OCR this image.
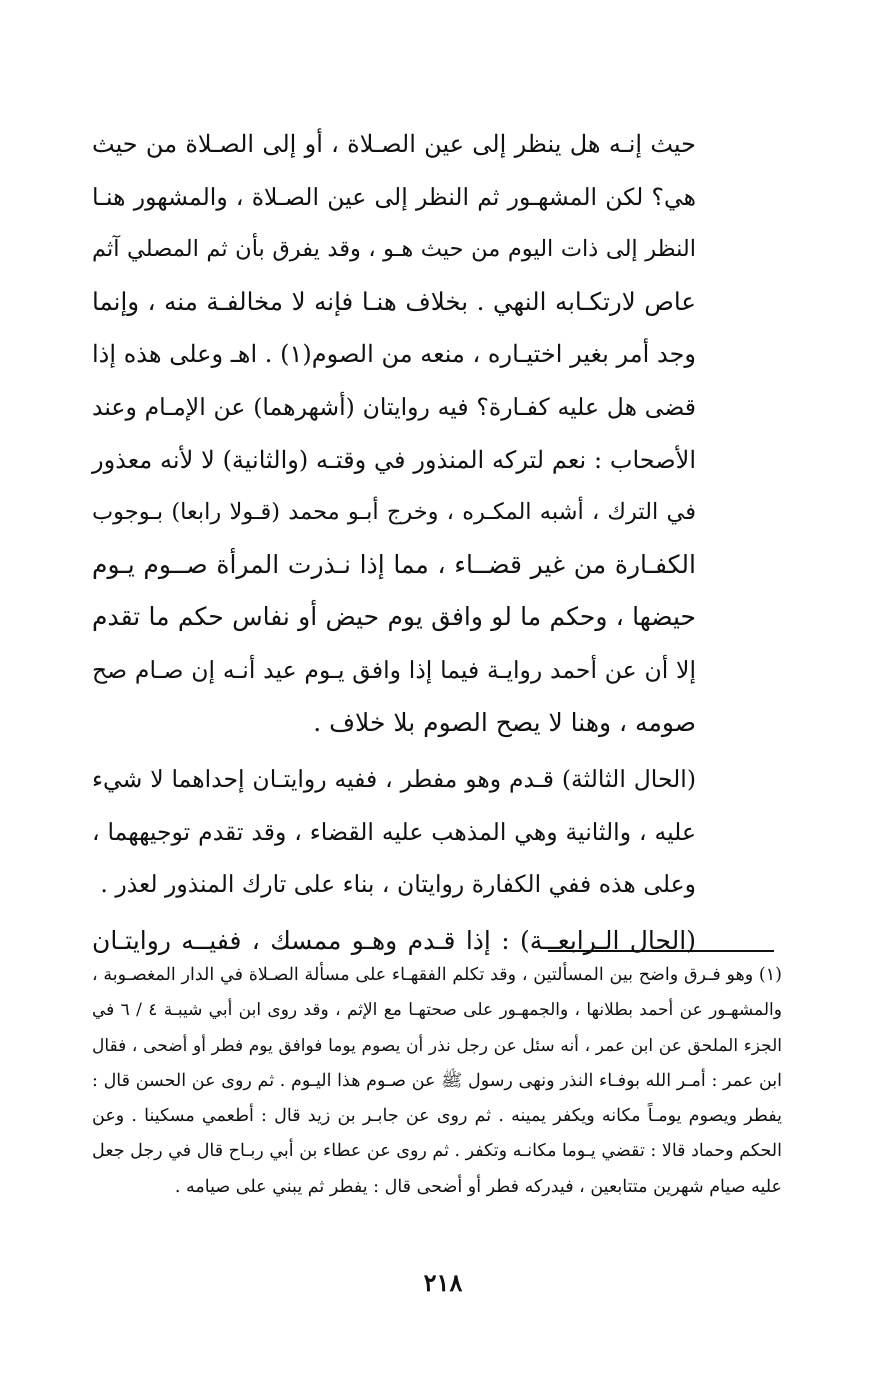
حيث إنـه هل ينظر إلى عين الصـلاة ، أو إلى الصـلاة من حيث
هي؟ لكن المشهـور ثم النظر إلى عين الصـلاة ، والمشهور هنـا
النظر إلى ذات اليوم من حيث هـو ، وقد يفرق بأن ثم المصلي آثم
عاص لارتكـابه النهي . بخلاف هنـا فإنه لا مخالفـة منه ، وإنما
وجد أمر بغير اختيـاره ، منعه من الصوم(١) . اهـ وعلى هذه إذا
قضى هل عليه كفـارة؟ فيه روايتان (أشهرهما) عن الإمـام وعند
الأصحاب : نعم لترکه المنذور في وقتـه (والثانية) لا لأنه معذور
في الترك ، أشبه المكـره ، وخرج أبـو محمد (قـولا رابعا) بـوجوب
الكفـارة من غير قضــاء ، مما إذا نـذرت المرأة صــوم يـوم
حيضها ، وحكم ما لو وافق يوم حيض أو نفاس حكم ما تقدم
إلا أن عن أحمد روايـة فيما إذا وافق يـوم عيد أنـه إن صـام صح
صومه ، وهنا لا يصح الصوم بلا خلاف .
(الحال الثالثة) قـدم وهو مفطر ، ففيه روايتـان إحداهما لا شيء
عليه ، والثانية وهي المذهب عليه القضاء ، وقد تقدم توجيههما ،
وعلى هذه ففي الكفارة روايتان ، بناء على تارك المنذور لعذر .
(الحال الـرابعــة) : إذا قـدم وهـو ممسك ، ففيــه روايتـان
(١) وهو فـرق واضح بين المسألتين ، وقد تكلم الفقهـاء على مسألة الصـلاة في الدار المغصـوبة ،
والمشهـور عن أحمد بطلانها ، والجمهـور على صحتهـا مع الإثم ، وقد روى ابن أبي شيبـة ٤ / ٦ في
الجزء الملحق عن ابن عمر ، أنه سئل عن رجل نذر أن يصوم يوما فوافق يوم فطر أو أضحى ، فقال
ابن عمر : أمـر الله بوفـاء النذر ونهى رسول ﷺ عن صـوم هذا اليـوم . ثم روى عن الحسن قال :
يفطر ويصوم يومـاً مكانه ويكفر يمينه . ثم روى عن جابـر بن زيد قال : أطعمي مسكينا . وعن
الحكم وحماد قالا : تقضي يـوما مكانـه وتكفر . ثم روى عن عطاء بن أبي ربـاح قال في رجل جعل
عليه صيام شهرين متتابعين ، فيدركه فطر أو أضحى قال : يفطر ثم يبني على صيامه .
٢١٨
